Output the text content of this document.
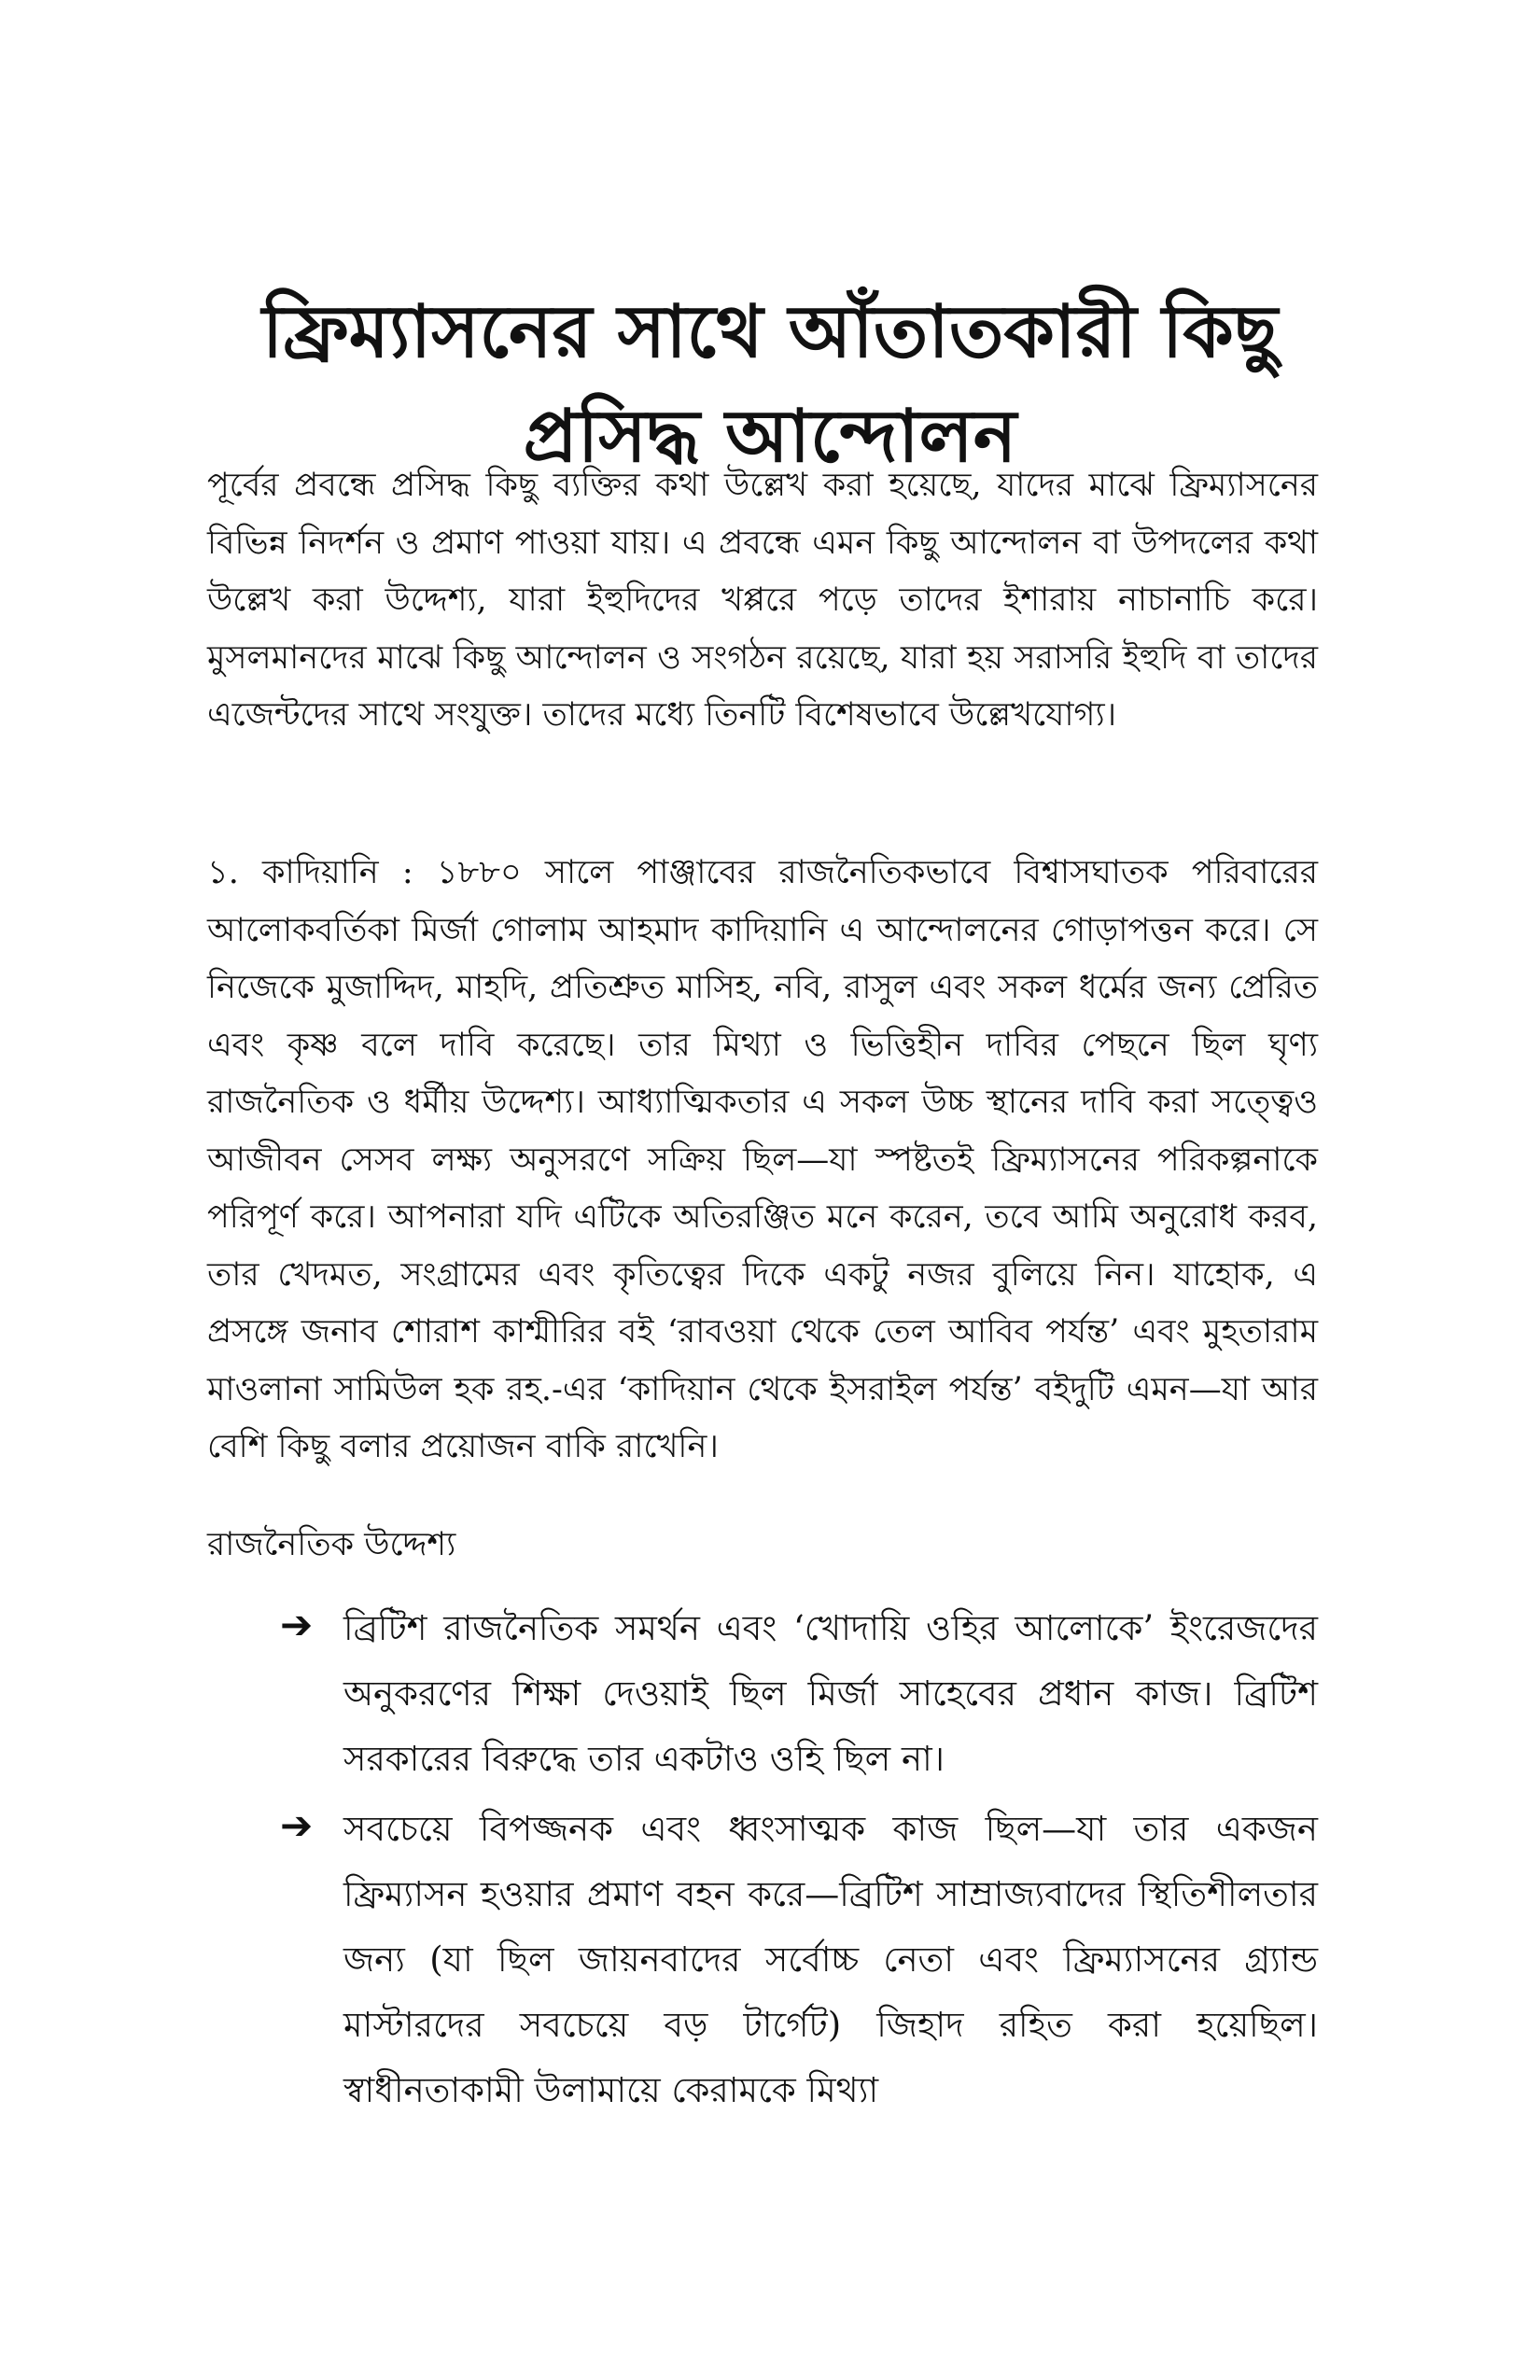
ফ্রিম্যাসনের সাথে আঁতাতকারী কিছু
প্রসিদ্ধ আন্দোলন

পূর্বের প্রবন্ধে প্রসিদ্ধ কিছু ব্যক্তির কথা উল্লেখ করা হয়েছে, যাদের মাঝে ফ্রিম্যাসনের বিভিন্ন নিদর্শন ও প্রমাণ পাওয়া যায়। এ প্রবন্ধে এমন কিছু আন্দোলন বা উপদলের কথা উল্লেখ করা উদ্দেশ্য, যারা ইহুদিদের খপ্পরে পড়ে তাদের ইশারায় নাচানাচি করে। মুসলমানদের মাঝে কিছু আন্দোলন ও সংগঠন রয়েছে, যারা হয় সরাসরি ইহুদি বা তাদের এজেন্টদের সাথে সংযুক্ত। তাদের মধ্যে তিনটি বিশেষভাবে উল্লেখযোগ্য।

১. কাদিয়ানি : ১৮৮০ সালে পাঞ্জাবের রাজনৈতিকভাবে বিশ্বাসঘাতক পরিবারের আলোকবর্তিকা মির্জা গোলাম আহমাদ কাদিয়ানি এ আন্দোলনের গোড়াপত্তন করে। সে নিজেকে মুজাদ্দিদ, মাহদি, প্রতিশ্রুত মাসিহ, নবি, রাসুল এবং সকল ধর্মের জন্য প্রেরিত এবং কৃষ্ণ বলে দাবি করেছে। তার মিথ্যা ও ভিত্তিহীন দাবির পেছনে ছিল ঘৃণ্য রাজনৈতিক ও ধর্মীয় উদ্দেশ্য। আধ্যাত্মিকতার এ সকল উচ্চ স্থানের দাবি করা সত্ত্বেও আজীবন সেসব লক্ষ্য অনুসরণে সক্রিয় ছিল—যা স্পষ্টতই ফ্রিম্যাসনের পরিকল্পনাকে পরিপূর্ণ করে। আপনারা যদি এটিকে অতিরঞ্জিত মনে করেন, তবে আমি অনুরোধ করব, তার খেদমত, সংগ্রামের এবং কৃতিত্বের দিকে একটু নজর বুলিয়ে নিন। যাহোক, এ প্রসঙ্গে জনাব শোরাশ কাশ্মীরির বই ‘রাবওয়া থেকে তেল আবিব পর্যন্ত’ এবং মুহতারাম মাওলানা সামিউল হক রহ.-এর ‘কাদিয়ান থেকে ইসরাইল পর্যন্ত’ বইদুটি এমন—যা আর বেশি কিছু বলার প্রয়োজন বাকি রাখেনি।

রাজনৈতিক উদ্দেশ্য

➔ ব্রিটিশ রাজনৈতিক সমর্থন এবং ‘খোদায়ি ওহির আলোকে’ ইংরেজদের অনুকরণের শিক্ষা দেওয়াই ছিল মির্জা সাহেবের প্রধান কাজ। ব্রিটিশ সরকারের বিরুদ্ধে তার একটাও ওহি ছিল না।

➔ সবচেয়ে বিপজ্জনক এবং ধ্বংসাত্মক কাজ ছিল—যা তার একজন ফ্রিম্যাসন হওয়ার প্রমাণ বহন করে—ব্রিটিশ সাম্রাজ্যবাদের স্থিতিশীলতার জন্য (যা ছিল জায়নবাদের সর্বোচ্চ নেতা এবং ফ্রিম্যাসনের গ্র্যান্ড মাস্টারদের সবচেয়ে বড় টার্গেট) জিহাদ রহিত করা হয়েছিল। স্বাধীনতাকামী উলামায়ে কেরামকে মিথ্যা
